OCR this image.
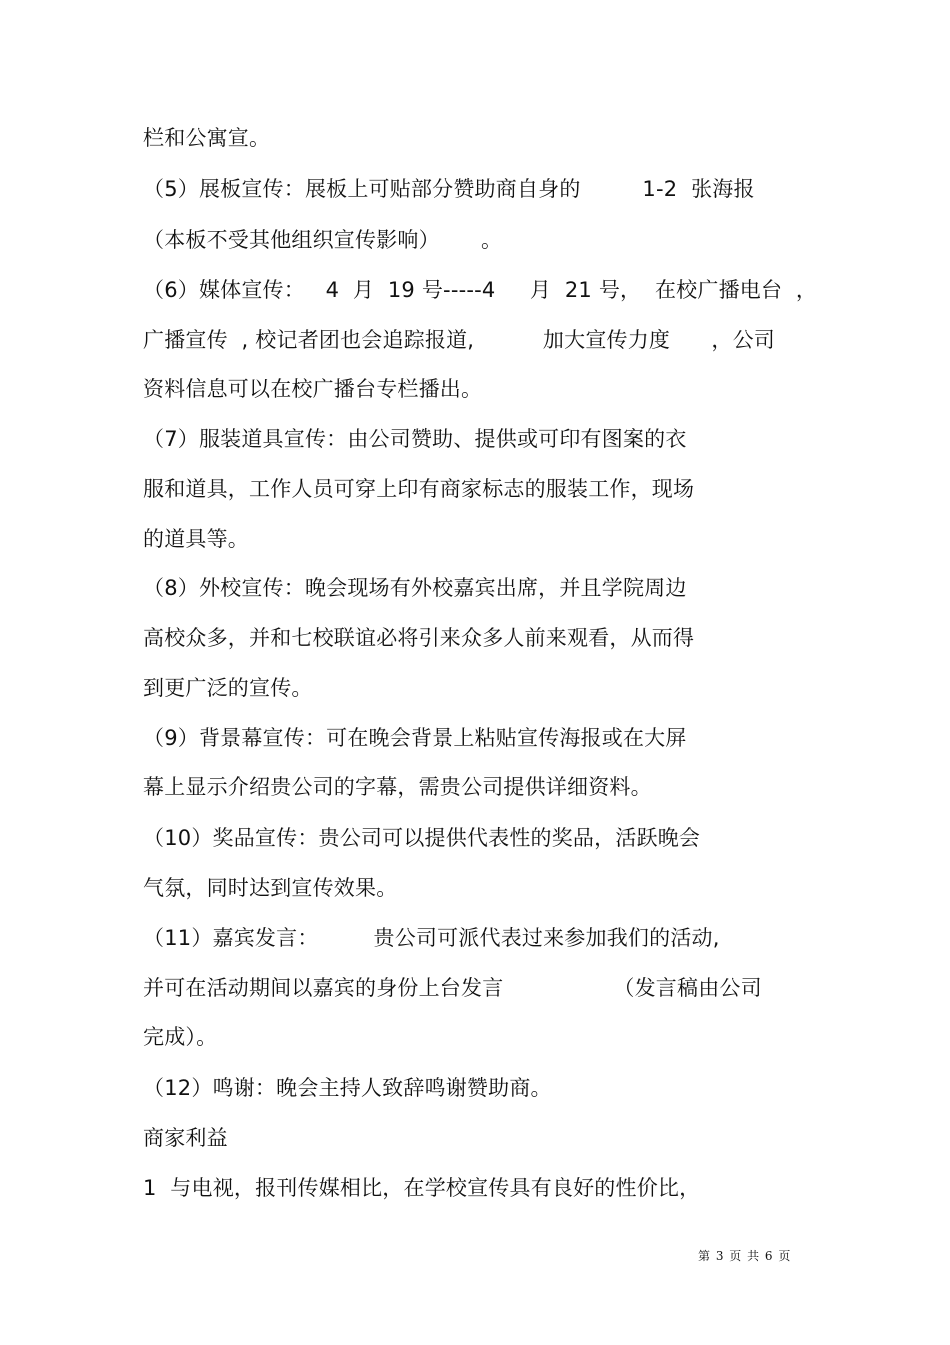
栏和公寓宣。
（5）展板宣传：展板上可贴部分赞助商自身的         1-2  张海报
（本板不受其他组织宣传影响）      。
（6）媒体宣传：   4  月  19 号-----4     月  21 号，  在校广播电台  ，
广播宣传  , 校记者团也会追踪报道,          加大宣传力度      ，公司
资料信息可以在校广播台专栏播出。
（7）服装道具宣传：由公司赞助、提供或可印有图案的衣
服和道具，工作人员可穿上印有商家标志的服装工作，现场
的道具等。
（8）外校宣传：晚会现场有外校嘉宾出席，并且学院周边
高校众多，并和七校联谊必将引来众多人前来观看，从而得
到更广泛的宣传。
（9）背景幕宣传：可在晚会背景上粘贴宣传海报或在大屏
幕上显示介绍贵公司的字幕，需贵公司提供详细资料。
（10）奖品宣传：贵公司可以提供代表性的奖品，活跃晚会
气氛，同时达到宣传效果。
（11）嘉宾发言：        贵公司可派代表过来参加我们的活动,
并可在活动期间以嘉宾的身份上台发言                （发言稿由公司
完成）。
（12）鸣谢：晚会主持人致辞鸣谢赞助商。
商家利益
1  与电视，报刊传媒相比，在学校宣传具有良好的性价比，
第 3 页 共 6 页
